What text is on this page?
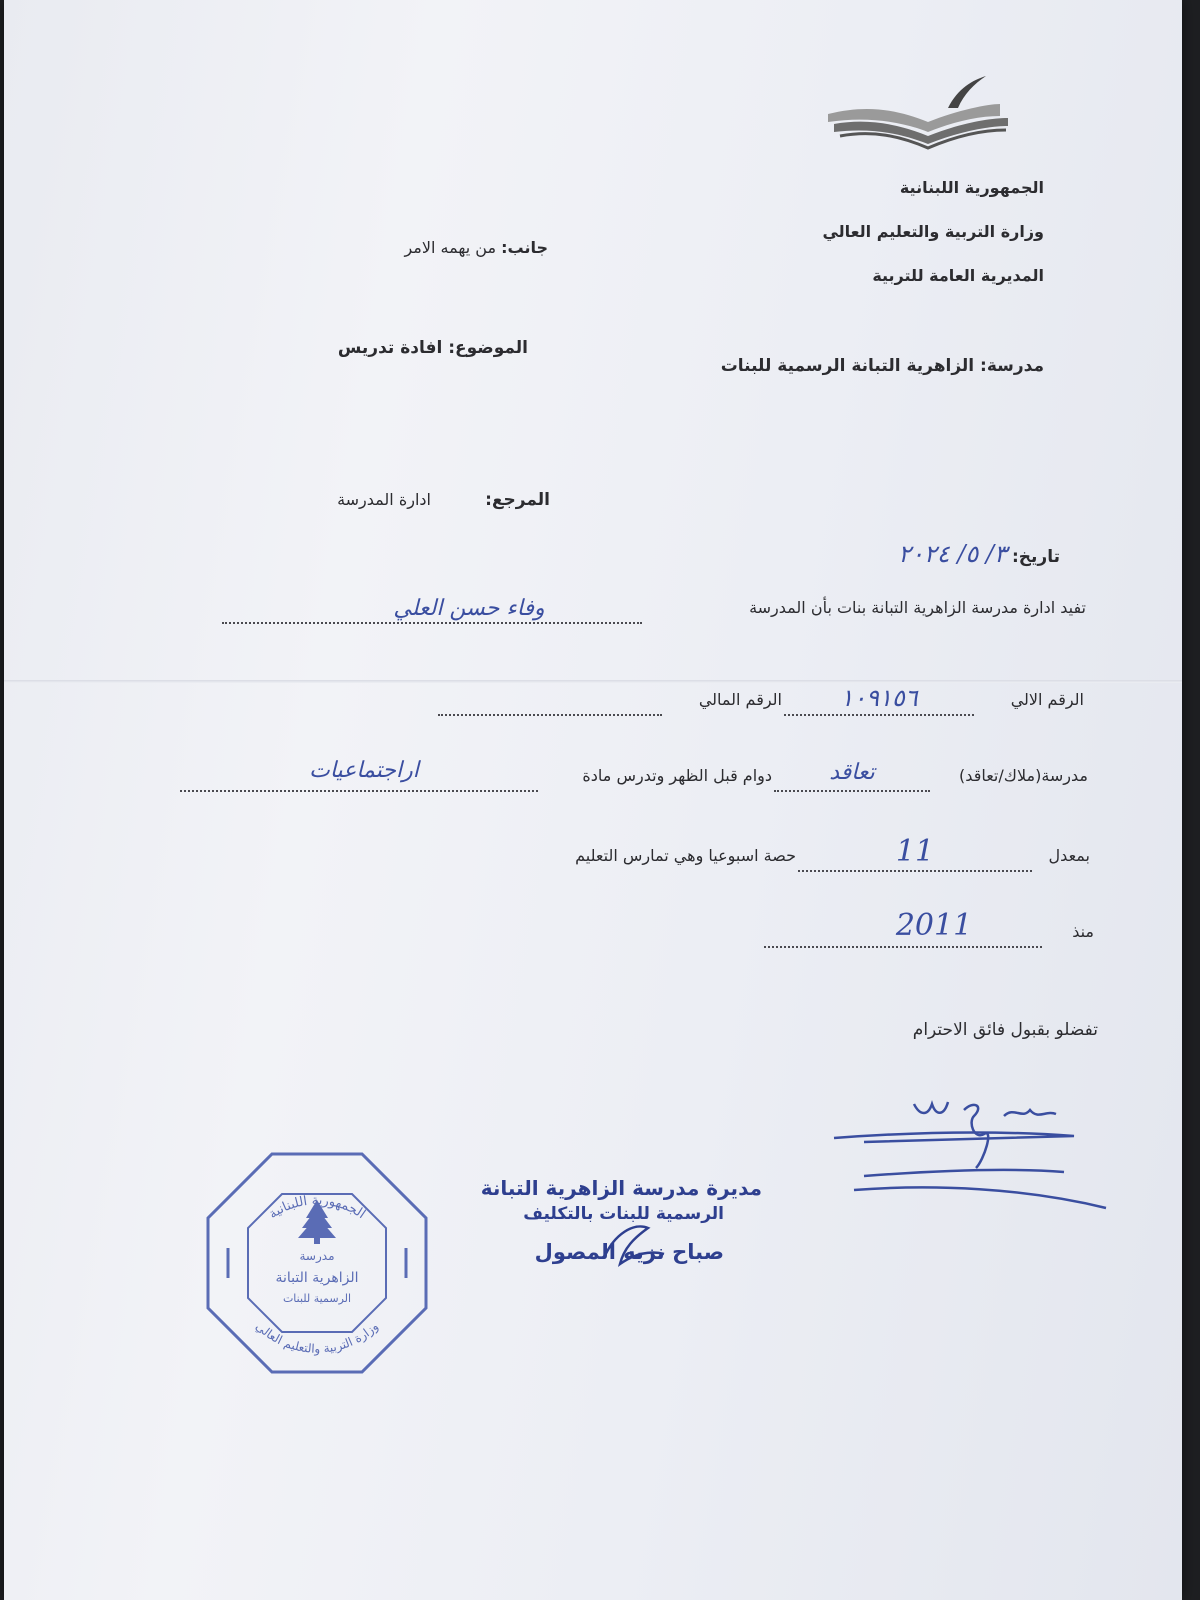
الجمهورية اللبنانية
وزارة التربية والتعليم العالي
المديرية العامة للتربية
جانب: من يهمه الامر
الموضوع: افادة تدريس
مدرسة: الزاهرية التبانة الرسمية للبنات
المرجع:  ادارة المدرسة
تاريخ: ٣/ ٥/ ٢٠٢٤
تفيد ادارة مدرسة الزاهرية التبانة بنات بأن المدرسة
وفاء حسن العلي
الرقم الالي
١٠٩١٥٦
الرقم المالي
مدرسة(ملاك/تعاقد)
تعاقد
دوام قبل الظهر وتدرس مادة
اراجتماعيات
بمعدل
11
حصة اسبوعيا وهي تمارس التعليم
منذ
2011
تفضلو بقبول فائق الاحترام
مديرة مدرسة الزاهرية التبانة
الرسمية للبنات بالتكليف
صباح نزيه المصول
الجمهورية اللبنانية
وزارة التربية والتعليم العالي
مدرسة
الزاهرية التبانة
الرسمية للبنات
